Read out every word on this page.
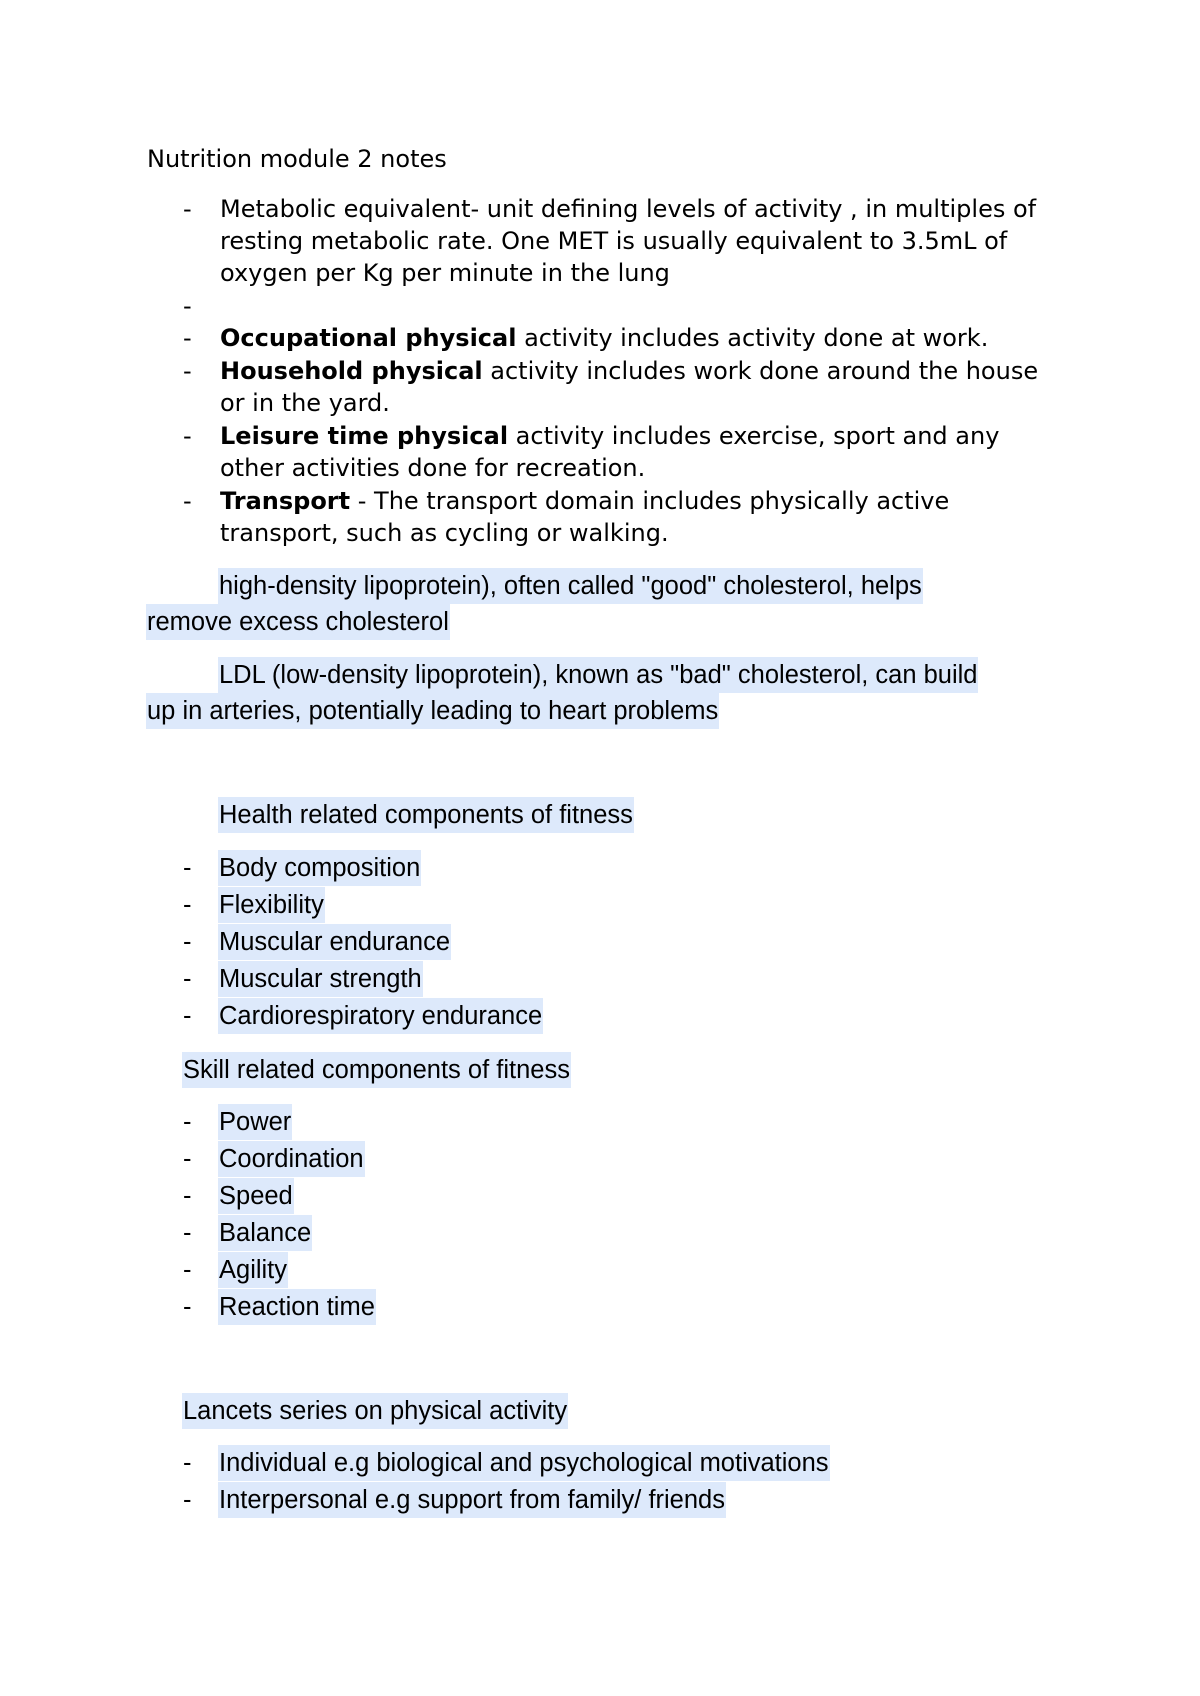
Nutrition module 2 notes
- Metabolic equivalent- unit defining levels of activity , in multiples of
resting metabolic rate. One MET is usually equivalent to 3.5mL of
oxygen per Kg per minute in the lung
-
- Occupational physical activity includes activity done at work.
- Household physical activity includes work done around the house
or in the yard.
- Leisure time physical activity includes exercise, sport and any
other activities done for recreation.
- Transport - The transport domain includes physically active
transport, such as cycling or walking.
high-density lipoprotein), often called "good" cholesterol, helps
remove excess cholesterol
LDL (low-density lipoprotein), known as "bad" cholesterol, can build
up in arteries, potentially leading to heart problems
Health related components of fitness
- Body composition
- Flexibility
- Muscular endurance
- Muscular strength
- Cardiorespiratory endurance
Skill related components of fitness
- Power
- Coordination
- Speed
- Balance
- Agility
- Reaction time
Lancets series on physical activity
- Individual e.g biological and psychological motivations
- Interpersonal e.g support from family/ friends
